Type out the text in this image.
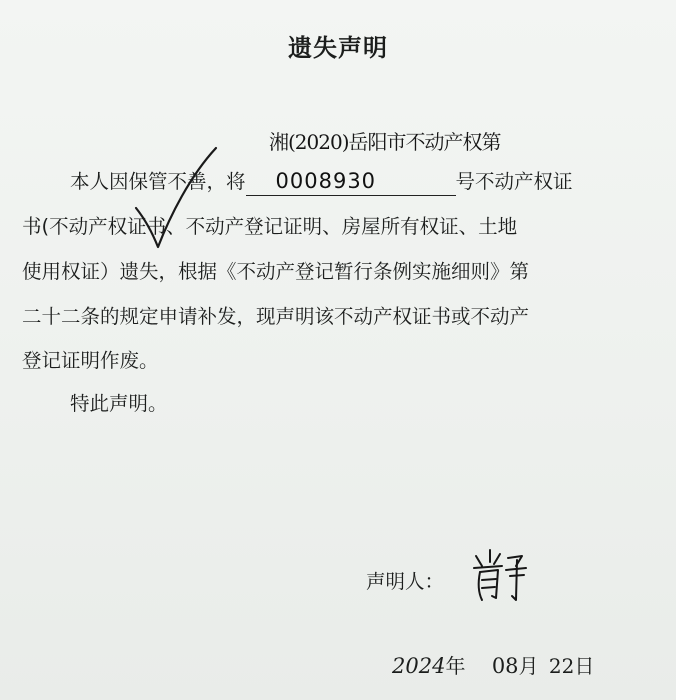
遗失声明
湘(2020)岳阳市不动产权第
本人因保管不善，将 0008930	号不动产权证
书(不动产权证书、不动产登记证明、房屋所有权证、土地
使用权证）遗失，根据《不动产登记暂行条例实施细则》第
二十二条的规定申请补发，现声明该不动产权证书或不动产
登记证明作废。
特此声明。
声明人：
2024年 08月 22日
